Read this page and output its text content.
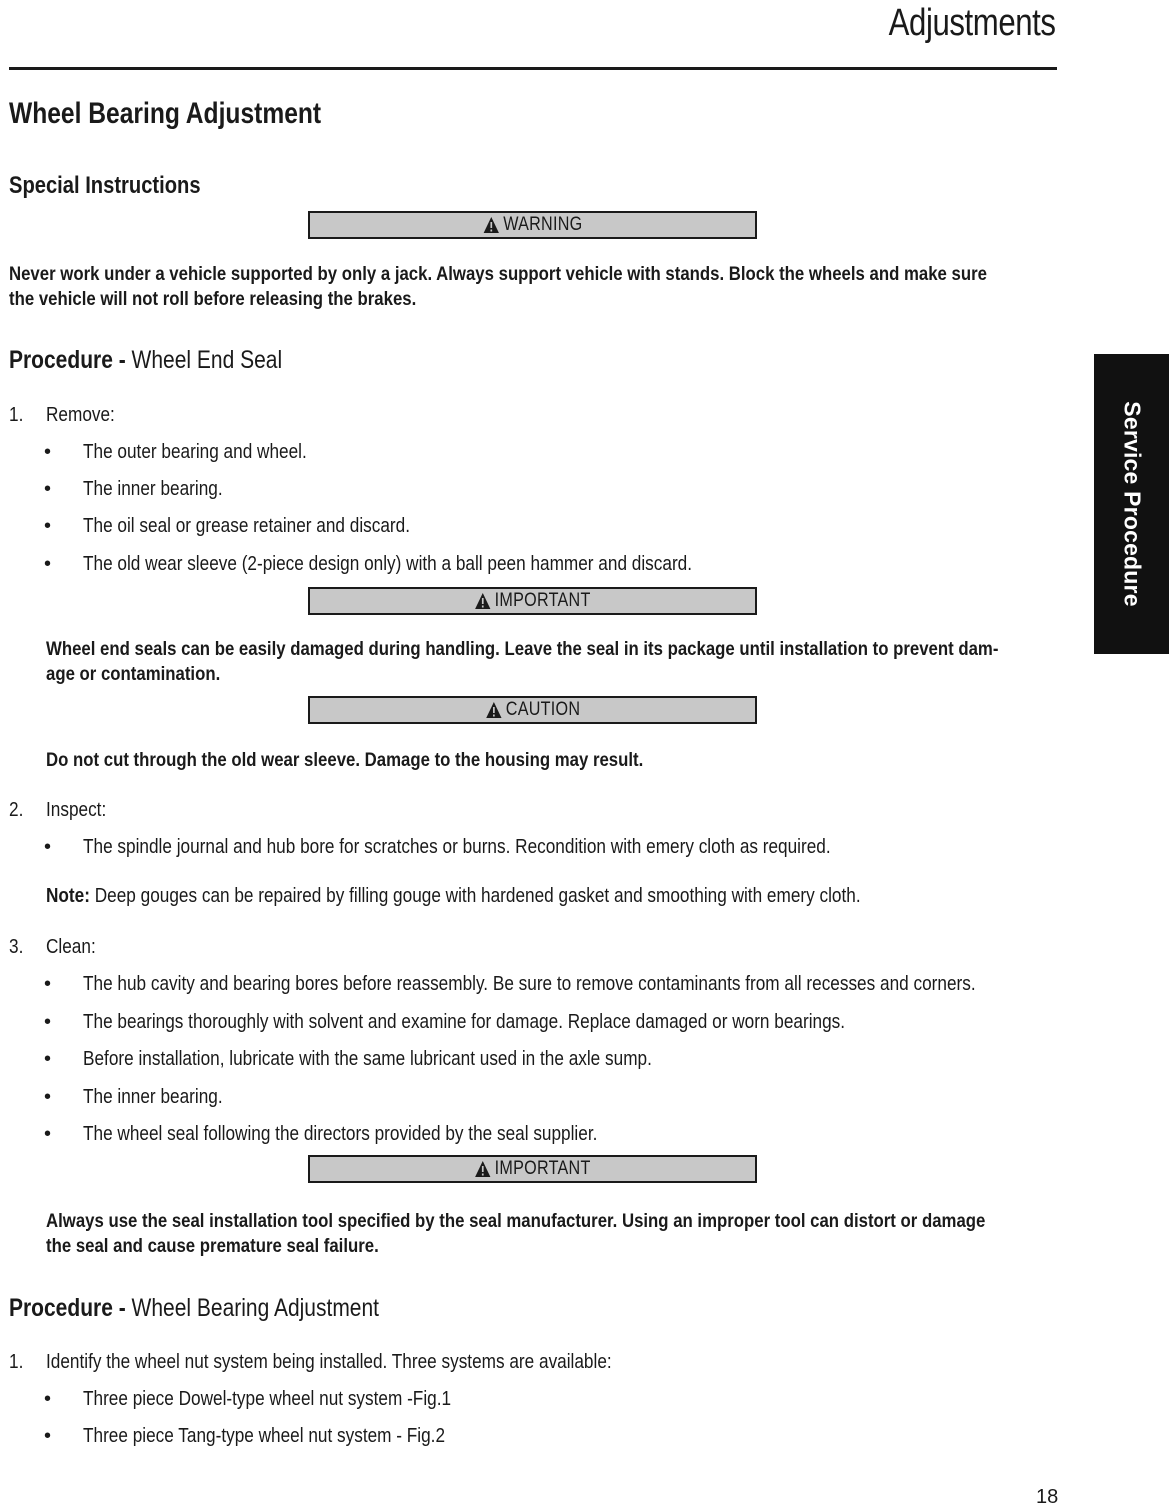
Adjustments
Service Procedure
Wheel Bearing Adjustment
Special Instructions
WARNING
Never work under a vehicle supported by only a jack. Always support vehicle with stands. Block the wheels and make sure
the vehicle will not roll before releasing the brakes.
Procedure - Wheel End Seal
1. Remove:
• The outer bearing and wheel.
• The inner bearing.
• The oil seal or grease retainer and discard.
• The old wear sleeve (2-piece design only) with a ball peen hammer and discard.
IMPORTANT
Wheel end seals can be easily damaged during handling. Leave the seal in its package until installation to prevent dam-
age or contamination.
CAUTION
Do not cut through the old wear sleeve. Damage to the housing may result.
2. Inspect:
• The spindle journal and hub bore for scratches or burns. Recondition with emery cloth as required.
Note: Deep gouges can be repaired by filling gouge with hardened gasket and smoothing with emery cloth.
3. Clean:
• The hub cavity and bearing bores before reassembly. Be sure to remove contaminants from all recesses and corners.
• The bearings thoroughly with solvent and examine for damage. Replace damaged or worn bearings.
• Before installation, lubricate with the same lubricant used in the axle sump.
• The inner bearing.
• The wheel seal following the directors provided by the seal supplier.
IMPORTANT
Always use the seal installation tool specified by the seal manufacturer. Using an improper tool can distort or damage
the seal and cause premature seal failure.
Procedure - Wheel Bearing Adjustment
1. Identify the wheel nut system being installed. Three systems are available:
• Three piece Dowel-type wheel nut system -Fig.1
• Three piece Tang-type wheel nut system - Fig.2
18
